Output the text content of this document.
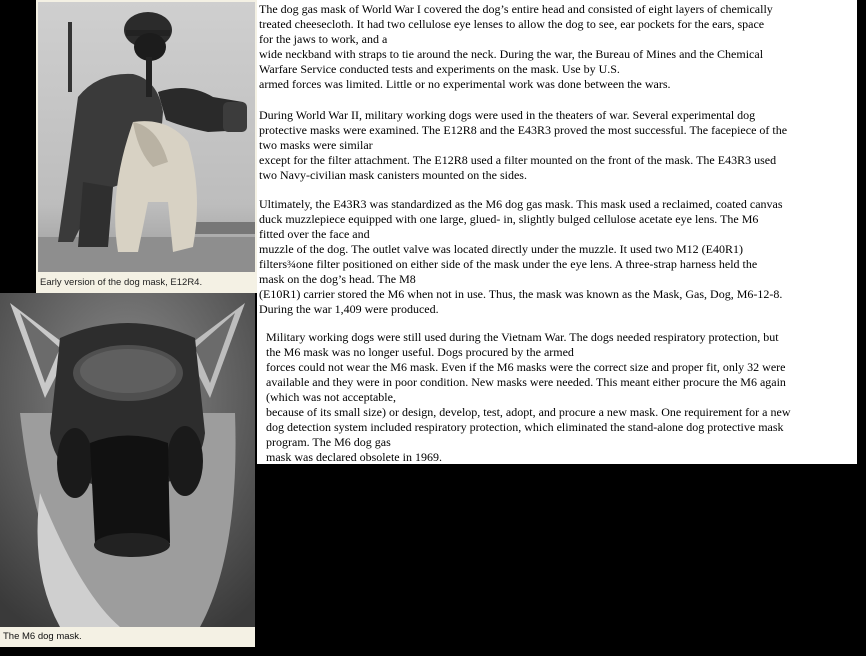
Early version of the dog mask, E12R4.
The M6 dog mask.

The dog gas mask of World War I covered the dog’s entire head and consisted of eight layers of chemically
treated cheesecloth. It had two cellulose eye lenses to allow the dog to see, ear pockets for the ears, space
for the jaws to work, and a
wide neckband with straps to tie around the neck. During the war, the Bureau of Mines and the Chemical
Warfare Service conducted tests and experiments on the mask. Use by U.S.
armed forces was limited. Little or no experimental work was done between the wars.

During World War II, military working dogs were used in the theaters of war. Several experimental dog
protective masks were examined. The E12R8 and the E43R3 proved the most successful. The facepiece of the
two masks were similar
except for the filter attachment. The E12R8 used a filter mounted on the front of the mask. The E43R3 used
two Navy-civilian mask canisters mounted on the sides.

Ultimately, the E43R3 was standardized as the M6 dog gas mask. This mask used a reclaimed, coated canvas
duck muzzlepiece equipped with one large, glued- in, slightly bulged cellulose acetate eye lens. The M6
fitted over the face and
muzzle of the dog. The outlet valve was located directly under the muzzle. It used two M12 (E40R1)
filters¾one filter positioned on either side of the mask under the eye lens. A three-strap harness held the
mask on the dog’s head. The M8
(E10R1) carrier stored the M6 when not in use. Thus, the mask was known as the Mask, Gas, Dog, M6-12-8.
During the war 1,409 were produced.

Military working dogs were still used during the Vietnam War. The dogs needed respiratory protection, but
the M6 mask was no longer useful. Dogs procured by the armed
forces could not wear the M6 mask. Even if the M6 masks were the correct size and proper fit, only 32 were
available and they were in poor condition. New masks were needed. This meant either procure the M6 again
(which was not acceptable,
because of its small size) or design, develop, test, adopt, and procure a new mask. One requirement for a new
dog detection system included respiratory protection, which eliminated the stand-alone dog protective mask
program. The M6 dog gas
mask was declared obsolete in 1969.
